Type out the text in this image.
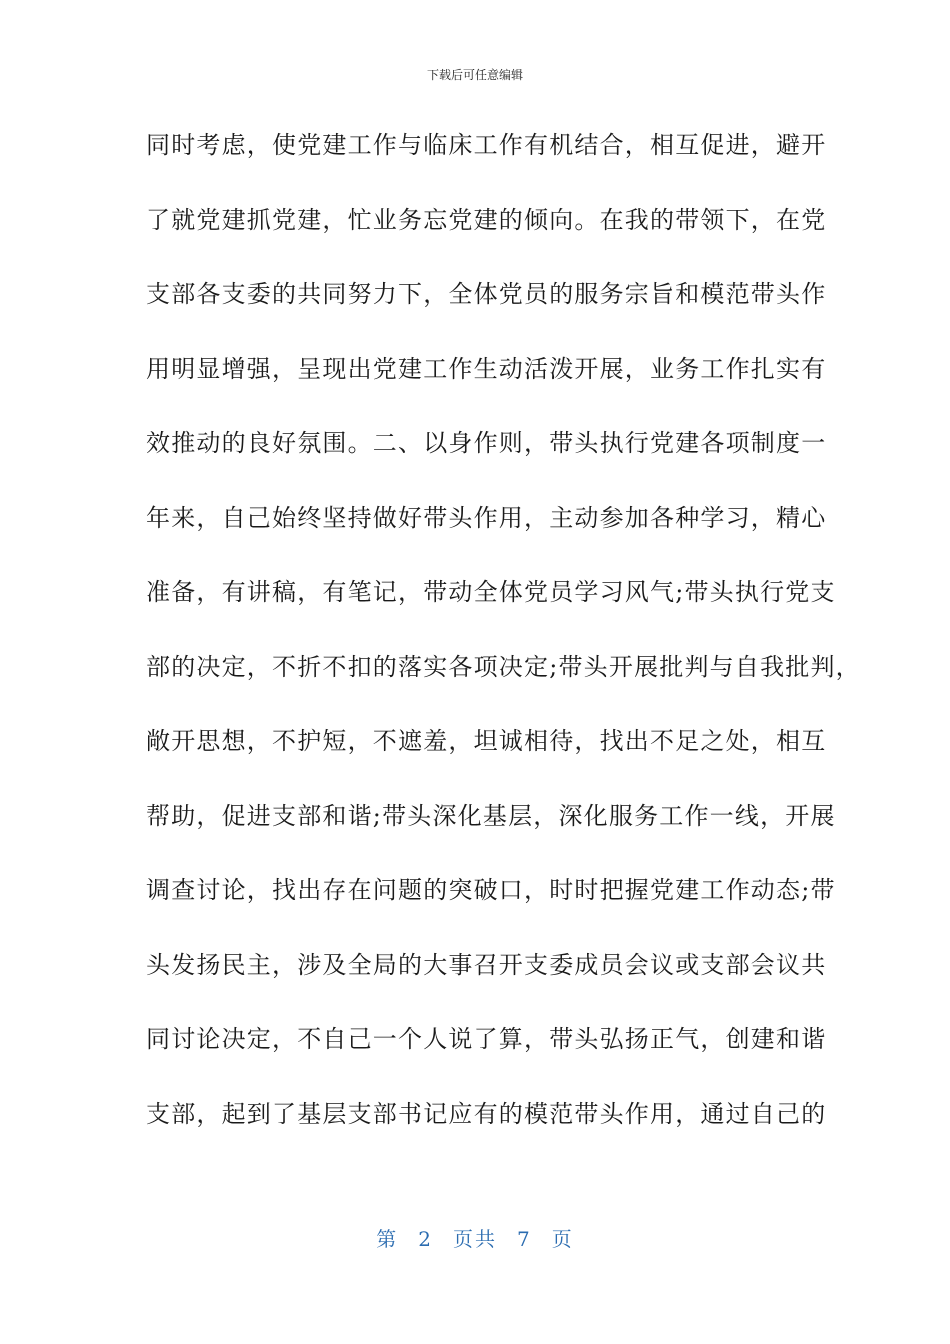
下载后可任意编辑
同时考虑，使党建工作与临床工作有机结合，相互促进，避开
了就党建抓党建，忙业务忘党建的倾向。在我的带领下，在党
支部各支委的共同努力下，全体党员的服务宗旨和模范带头作
用明显增强，呈现出党建工作生动活泼开展，业务工作扎实有
效推动的良好氛围。二、以身作则，带头执行党建各项制度一
年来，自己始终坚持做好带头作用，主动参加各种学习，精心
准备，有讲稿，有笔记，带动全体党员学习风气;带头执行党支
部的决定，不折不扣的落实各项决定;带头开展批判与自我批判，
敞开思想，不护短，不遮羞，坦诚相待，找出不足之处，相互
帮助，促进支部和谐;带头深化基层，深化服务工作一线，开展
调查讨论，找出存在问题的突破口，时时把握党建工作动态;带
头发扬民主，涉及全局的大事召开支委成员会议或支部会议共
同讨论决定，不自己一个人说了算，带头弘扬正气，创建和谐
支部，起到了基层支部书记应有的模范带头作用，通过自己的
第 2 页共 7 页
